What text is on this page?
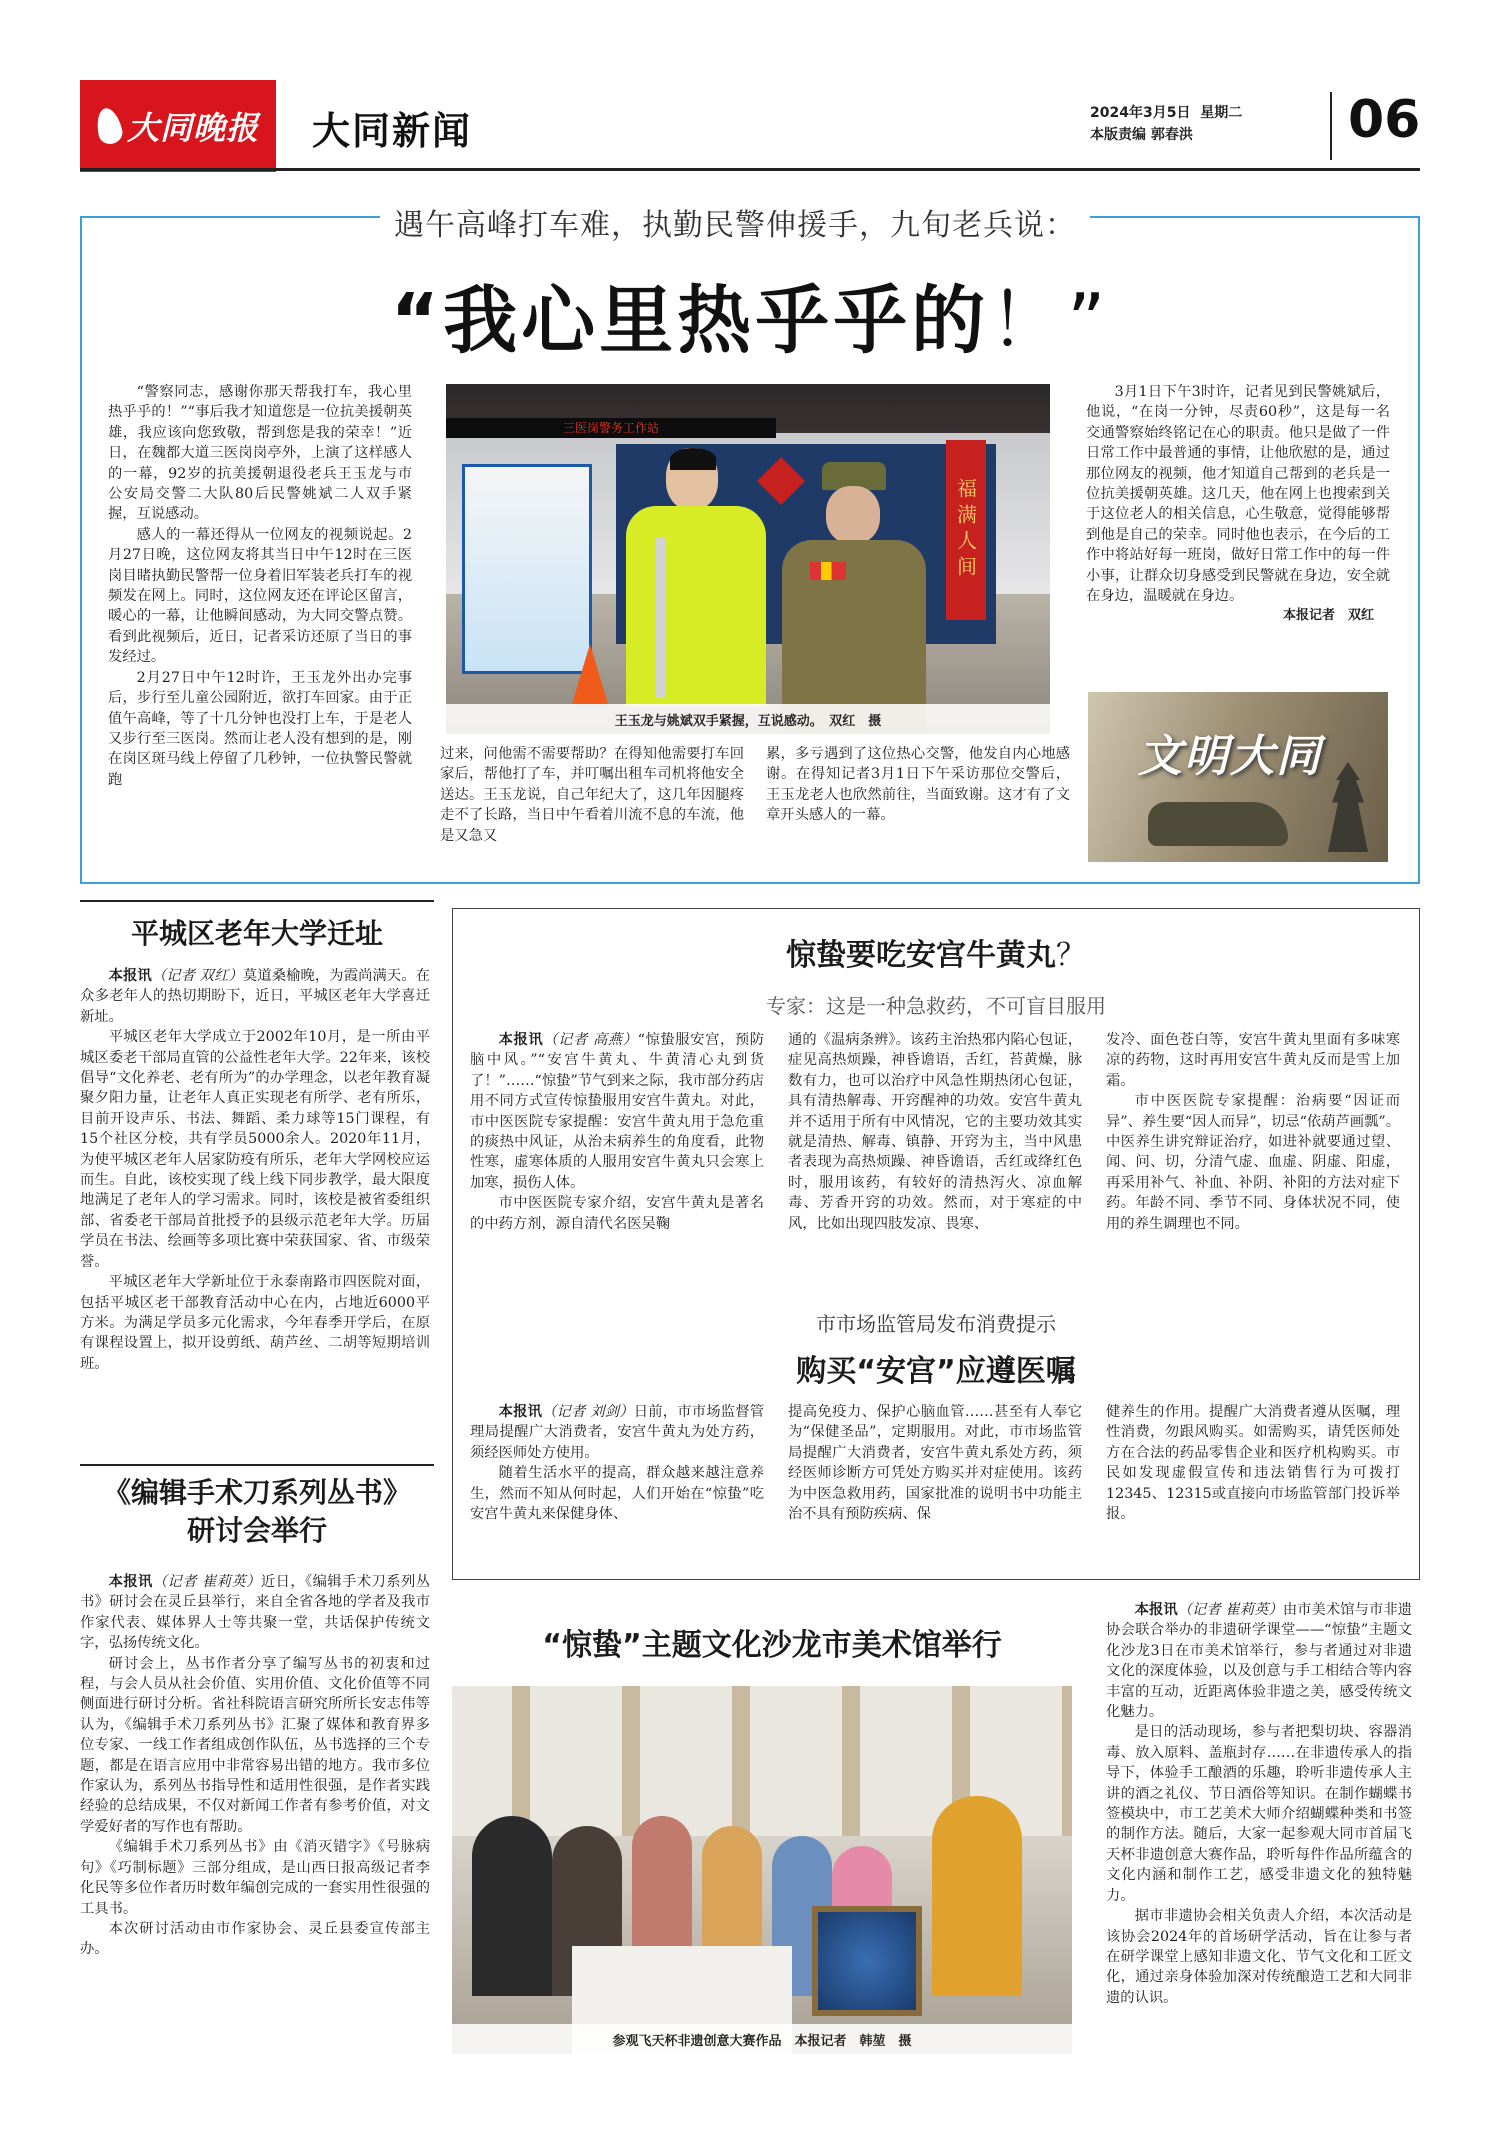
大同晚报 大同新闻	2024年3月5日 星期二
本版责编 郭春洪	06
遇午高峰打车难，执勤民警伸援手，九旬老兵说：
“我心里热乎乎的！”

“警察同志，感谢你那天帮我打车，我心里热乎乎的！”“事后我才知道您是一位抗美援朝英雄，我应该向您致敬，帮到您是我的荣幸！”近日，在魏都大道三医岗岗亭外，上演了这样感人的一幕，92岁的抗美援朝退役老兵王玉龙与市公安局交警二大队80后民警姚斌二人双手紧握，互说感动。

感人的一幕还得从一位网友的视频说起。2月27日晚，这位网友将其当日中午12时在三医岗目睹执勤民警帮一位身着旧军装老兵打车的视频发在网上。同时，这位网友还在评论区留言，暖心的一幕，让他瞬间感动，为大同交警点赞。看到此视频后，近日，记者采访还原了当日的事发经过。

2月27日中午12时许，王玉龙外出办完事后，步行至儿童公园附近，欲打车回家。由于正值午高峰，等了十几分钟也没打上车，于是老人又步行至三医岗。然而让老人没有想到的是，刚在岗区斑马线上停留了几秒钟，一位执警民警就跑

三医岗警务工作站
福满人间
王玉龙与姚斌双手紧握，互说感动。　双红　摄

过来，问他需不需要帮助？在得知他需要打车回家后，帮他打了车，并叮嘱出租车司机将他安全送达。王玉龙说，自己年纪大了，这几年因腿疼走不了长路，当日中午看着川流不息的车流，他是又急又

累，多亏遇到了这位热心交警，他发自内心地感谢。在得知记者3月1日下午采访那位交警后，王玉龙老人也欣然前往，当面致谢。这才有了文章开头感人的一幕。

3月1日下午3时许，记者见到民警姚斌后，他说，“在岗一分钟，尽责60秒”，这是每一名交通警察始终铭记在心的职责。他只是做了一件日常工作中最普通的事情，让他欣慰的是，通过那位网友的视频，他才知道自己帮到的老兵是一位抗美援朝英雄。这几天，他在网上也搜索到关于这位老人的相关信息，心生敬意，觉得能够帮到他是自己的荣幸。同时他也表示，在今后的工作中将站好每一班岗，做好日常工作中的每一件小事，让群众切身感受到民警就在身边，安全就在身边，温暖就在身边。

本报记者　双红

文明大同
平城区老年大学迁址

本报讯（记者 双红）莫道桑榆晚，为霞尚满天。在众多老年人的热切期盼下，近日，平城区老年大学喜迁新址。

平城区老年大学成立于2002年10月，是一所由平城区委老干部局直管的公益性老年大学。22年来，该校倡导“文化养老、老有所为”的办学理念，以老年教育凝聚夕阳力量，让老年人真正实现老有所学、老有所乐，目前开设声乐、书法、舞蹈、柔力球等15门课程，有15个社区分校，共有学员5000余人。2020年11月，为使平城区老年人居家防疫有所乐，老年大学网校应运而生。自此，该校实现了线上线下同步教学，最大限度地满足了老年人的学习需求。同时，该校是被省委组织部、省委老干部局首批授予的县级示范老年大学。历届学员在书法、绘画等多项比赛中荣获国家、省、市级荣誉。

平城区老年大学新址位于永泰南路市四医院对面，包括平城区老干部教育活动中心在内，占地近6000平方米。为满足学员多元化需求，今年春季开学后，在原有课程设置上，拟开设剪纸、葫芦丝、二胡等短期培训班。

《编辑手术刀系列丛书》
研讨会举行

本报讯（记者 崔莉英）近日，《编辑手术刀系列丛书》研讨会在灵丘县举行，来自全省各地的学者及我市作家代表、媒体界人士等共聚一堂，共话保护传统文字，弘扬传统文化。

研讨会上，丛书作者分享了编写丛书的初衷和过程，与会人员从社会价值、实用价值、文化价值等不同侧面进行研讨分析。省社科院语言研究所所长安志伟等认为，《编辑手术刀系列丛书》汇聚了媒体和教育界多位专家、一线工作者组成创作队伍，丛书选择的三个专题，都是在语言应用中非常容易出错的地方。我市多位作家认为，系列丛书指导性和适用性很强，是作者实践经验的总结成果，不仅对新闻工作者有参考价值，对文学爱好者的写作也有帮助。

《编辑手术刀系列丛书》由《消灭错字》《号脉病句》《巧制标题》三部分组成，是山西日报高级记者李化民等多位作者历时数年编创完成的一套实用性很强的工具书。

本次研讨活动由市作家协会、灵丘县委宣传部主办。

惊蛰要吃安宫牛黄丸？
专家：这是一种急救药，不可盲目服用

本报讯（记者 高燕）“惊蛰服安宫，预防脑中风。”“安宫牛黄丸、牛黄清心丸到货了！”……“惊蛰”节气到来之际，我市部分药店用不同方式宣传惊蛰服用安宫牛黄丸。对此，市中医医院专家提醒：安宫牛黄丸用于急危重的痰热中风证，从治未病养生的角度看，此物性寒，虚寒体质的人服用安宫牛黄丸只会寒上加寒，损伤人体。

市中医医院专家介绍，安宫牛黄丸是著名的中药方剂，源自清代名医吴鞠

通的《温病条辨》。该药主治热邪内陷心包证，症见高热烦躁，神昏谵语，舌红，苔黄燥，脉数有力，也可以治疗中风急性期热闭心包证，具有清热解毒、开窍醒神的功效。安宫牛黄丸并不适用于所有中风情况，它的主要功效其实就是清热、解毒、镇静、开窍为主，当中风患者表现为高热烦躁、神昏谵语，舌红或绛红色时，服用该药，有较好的清热泻火、凉血解毒、芳香开窍的功效。然而，对于寒症的中风，比如出现四肢发凉、畏寒、

发冷、面色苍白等，安宫牛黄丸里面有多味寒凉的药物，这时再用安宫牛黄丸反而是雪上加霜。

市中医医院专家提醒：治病要“因证而异”、养生要“因人而异”，切忌“依葫芦画瓢”。中医养生讲究辩证治疗，如进补就要通过望、闻、问、切，分清气虚、血虚、阴虚、阳虚，再采用补气、补血、补阴、补阳的方法对症下药。年龄不同、季节不同、身体状况不同，使用的养生调理也不同。

市市场监管局发布消费提示
购买“安宫”应遵医嘱

本报讯（记者 刘剑）日前，市市场监督管理局提醒广大消费者，安宫牛黄丸为处方药，须经医师处方使用。

随着生活水平的提高，群众越来越注意养生，然而不知从何时起，人们开始在“惊蛰”吃安宫牛黄丸来保健身体、

提高免疫力、保护心脑血管……甚至有人奉它为“保健圣品”，定期服用。对此，市市场监管局提醒广大消费者，安宫牛黄丸系处方药，须经医师诊断方可凭处方购买并对症使用。该药为中医急救用药，国家批准的说明书中功能主治不具有预防疾病、保

健养生的作用。提醒广大消费者遵从医嘱，理性消费，勿跟风购买。如需购买，请凭医师处方在合法的药品零售企业和医疗机构购买。市民如发现虚假宣传和违法销售行为可拨打12345、12315或直接向市场监管部门投诉举报。

“惊蛰”主题文化沙龙市美术馆举行
参观飞天杯非遗创意大赛作品　本报记者　韩堃　摄

本报讯（记者 崔莉英）由市美术馆与市非遗协会联合举办的非遗研学课堂——“惊蛰”主题文化沙龙3日在市美术馆举行，参与者通过对非遗文化的深度体验，以及创意与手工相结合等内容丰富的互动，近距离体验非遗之美，感受传统文化魅力。

是日的活动现场，参与者把梨切块、容器消毒、放入原料、盖瓶封存……在非遗传承人的指导下，体验手工酿酒的乐趣，聆听非遗传承人主讲的酒之礼仪、节日酒俗等知识。在制作蝴蝶书签模块中，市工艺美术大师介绍蝴蝶种类和书签的制作方法。随后，大家一起参观大同市首届飞天杯非遗创意大赛作品，聆听每件作品所蕴含的文化内涵和制作工艺，感受非遗文化的独特魅力。

据市非遗协会相关负责人介绍，本次活动是该协会2024年的首场研学活动，旨在让参与者在研学课堂上感知非遗文化、节气文化和工匠文化，通过亲身体验加深对传统酿造工艺和大同非遗的认识。
